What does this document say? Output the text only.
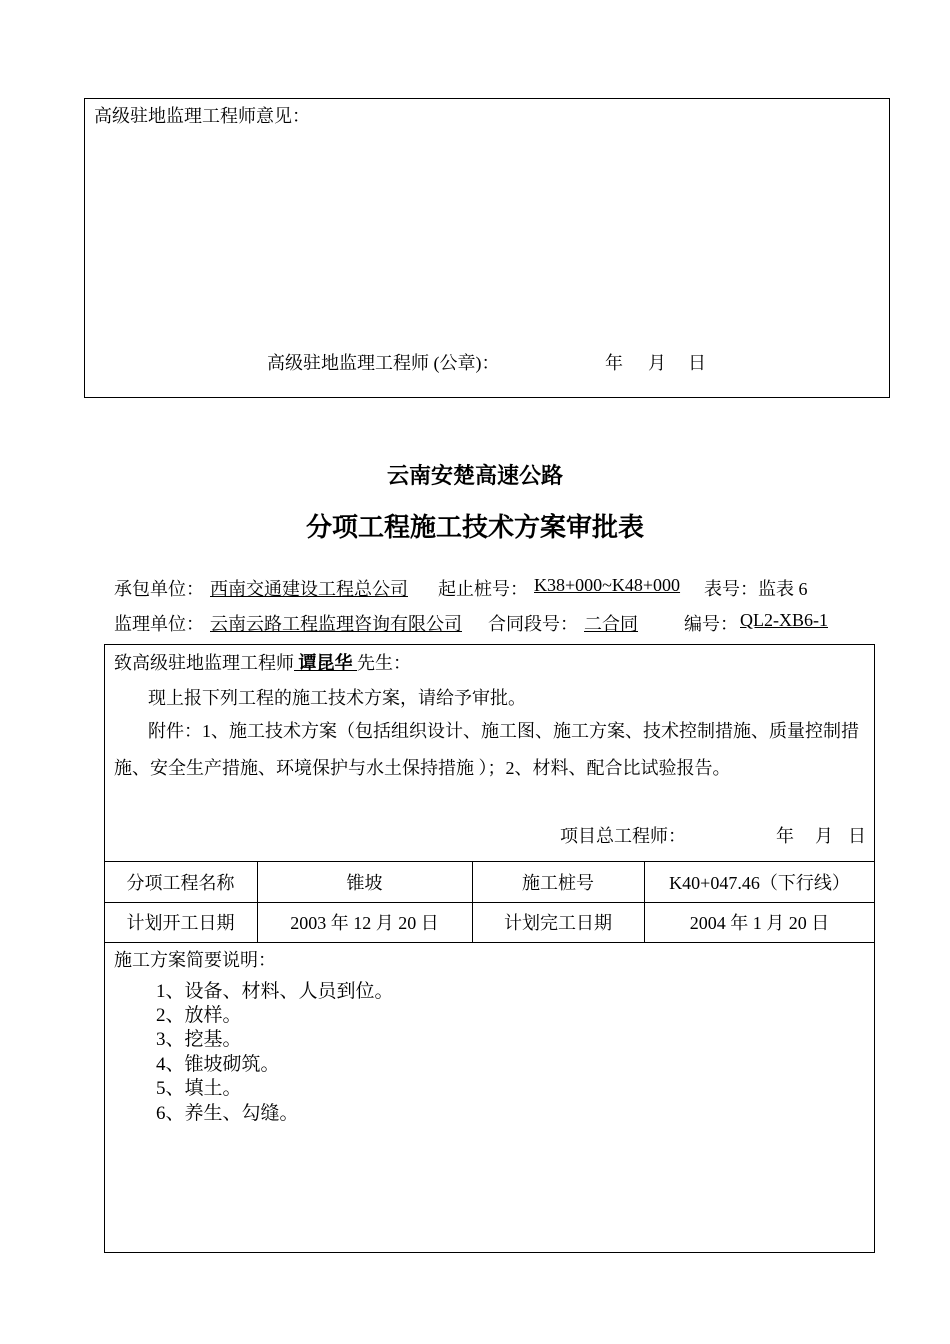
高级驻地监理工程师意见：
高级驻地监理工程师 (公章)：	年 月 日
云南安楚高速公路
分项工程施工技术方案审批表
承包单位： 西南交通建设工程总公司 起止桩号： K38+000~K48+000 表号：监表 6
监理单位： 云南云路工程监理咨询有限公司 合同段号： 二合同	编号： QL2-XB6-1
致高级驻地监理工程师 谭昆华 先生：
现上报下列工程的施工技术方案，请给予审批。
附件：1、施工技术方案（包括组织设计、施工图、施工方案、技术控制措施、质量控制措
施、安全生产措施、环境保护与水土保持措施 ）；2、材料、配合比试验报告。
项目总工程师：	年 月 日
分项工程名称	锥坡	施工桩号	K40+047.46（下行线）
计划开工日期	2003 年 12 月 20 日	计划完工日期	2004 年 1 月 20 日
施工方案简要说明：
1、设备、材料、人员到位。
2、放样。
3、挖基。
4、锥坡砌筑。
5、填土。
6、养生、勾缝。
